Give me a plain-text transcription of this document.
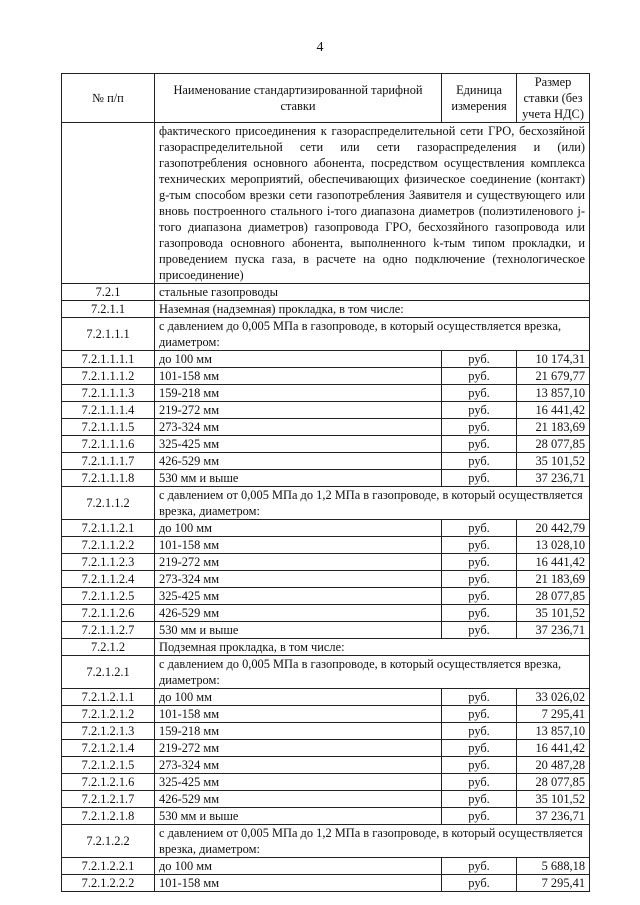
4
№ п/п	Наименование стандартизированной тарифной ставки	Единица измерения	Размер ставки (без учета НДС)
	фактического присоединения к газораспределительной сети ГРО, бесхозяйной газораспределительной сети или сети газораспределения и (или) газопотребления основного абонента, посредством осуществления комплекса технических мероприятий, обеспечивающих физическое соединение (контакт) g-тым способом врезки сети газопотребления Заявителя и существующего или вновь построенного стального i-того диапазона диаметров (полиэтиленового j-того диапазона диаметров) газопровода ГРО, бесхозяйного газопровода или газопровода основного абонента, выполненного k-тым типом прокладки, и проведением пуска газа, в расчете на одно подключение (технологическое присоединение)		
7.2.1	стальные газопроводы		
7.2.1.1	Наземная (надземная) прокладка, в том числе:		
7.2.1.1.1	с давлением до 0,005 МПа в газопроводе, в который осуществляется врезка, диаметром:		
7.2.1.1.1.1	до 100 мм	руб.	10 174,31
7.2.1.1.1.2	101-158 мм	руб.	21 679,77
7.2.1.1.1.3	159-218 мм	руб.	13 857,10
7.2.1.1.1.4	219-272 мм	руб.	16 441,42
7.2.1.1.1.5	273-324 мм	руб.	21 183,69
7.2.1.1.1.6	325-425 мм	руб.	28 077,85
7.2.1.1.1.7	426-529 мм	руб.	35 101,52
7.2.1.1.1.8	530 мм и выше	руб.	37 236,71
7.2.1.1.2	с давлением от 0,005 МПа до 1,2 МПа в газопроводе, в который осуществляется врезка, диаметром:		
7.2.1.1.2.1	до 100 мм	руб.	20 442,79
7.2.1.1.2.2	101-158 мм	руб.	13 028,10
7.2.1.1.2.3	219-272 мм	руб.	16 441,42
7.2.1.1.2.4	273-324 мм	руб.	21 183,69
7.2.1.1.2.5	325-425 мм	руб.	28 077,85
7.2.1.1.2.6	426-529 мм	руб.	35 101,52
7.2.1.1.2.7	530 мм и выше	руб.	37 236,71
7.2.1.2	Подземная прокладка, в том числе:		
7.2.1.2.1	с давлением до 0,005 МПа в газопроводе, в который осуществляется врезка, диаметром:		
7.2.1.2.1.1	до 100 мм	руб.	33 026,02
7.2.1.2.1.2	101-158 мм	руб.	7 295,41
7.2.1.2.1.3	159-218 мм	руб.	13 857,10
7.2.1.2.1.4	219-272 мм	руб.	16 441,42
7.2.1.2.1.5	273-324 мм	руб.	20 487,28
7.2.1.2.1.6	325-425 мм	руб.	28 077,85
7.2.1.2.1.7	426-529 мм	руб.	35 101,52
7.2.1.2.1.8	530 мм и выше	руб.	37 236,71
7.2.1.2.2	с давлением от 0,005 МПа до 1,2 МПа в газопроводе, в который осуществляется врезка, диаметром:		
7.2.1.2.2.1	до 100 мм	руб.	5 688,18
7.2.1.2.2.2	101-158 мм	руб.	7 295,41
